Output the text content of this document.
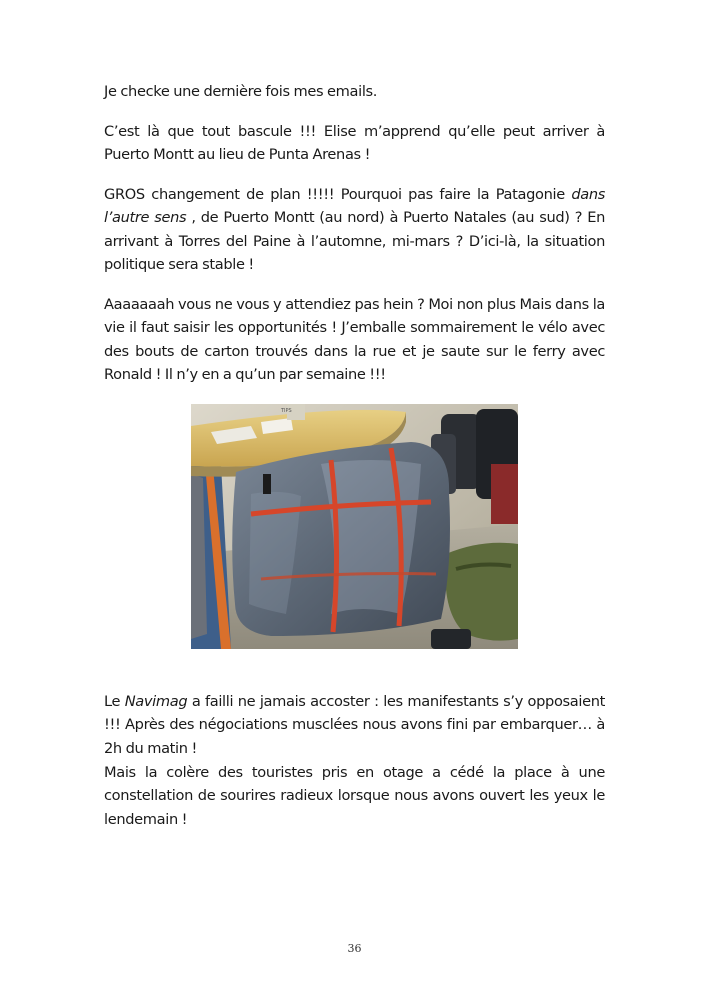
Je checke une dernière fois mes emails.

C’est là que tout bascule !!! Elise m’apprend qu’elle peut arriver à Puerto Montt au lieu de Punta Arenas !

GROS changement de plan !!!!! Pourquoi pas faire la Patagonie dans l’autre sens , de Puerto Montt (au nord) à Puerto Natales (au sud) ? En arrivant à Torres del Paine à l’automne, mi-mars ? D’ici-là, la situation politique sera stable !

Aaaaaaah vous ne vous y attendiez pas hein ? Moi non plus Mais dans la vie il faut saisir les opportunités ! J’emballe sommairement le vélo avec des bouts de carton trouvés dans la rue et je saute sur le ferry avec Ronald ! Il n’y en a qu’un par semaine !!!

TIPS

Le Navimag a failli ne jamais accoster : les manifestants s’y opposaient !!! Après des négociations musclées nous avons fini par embarquer… à 2h du matin !

Mais la colère des touristes pris en otage a cédé la place à une constellation de sourires radieux lorsque nous avons ouvert les yeux le lendemain !

36
